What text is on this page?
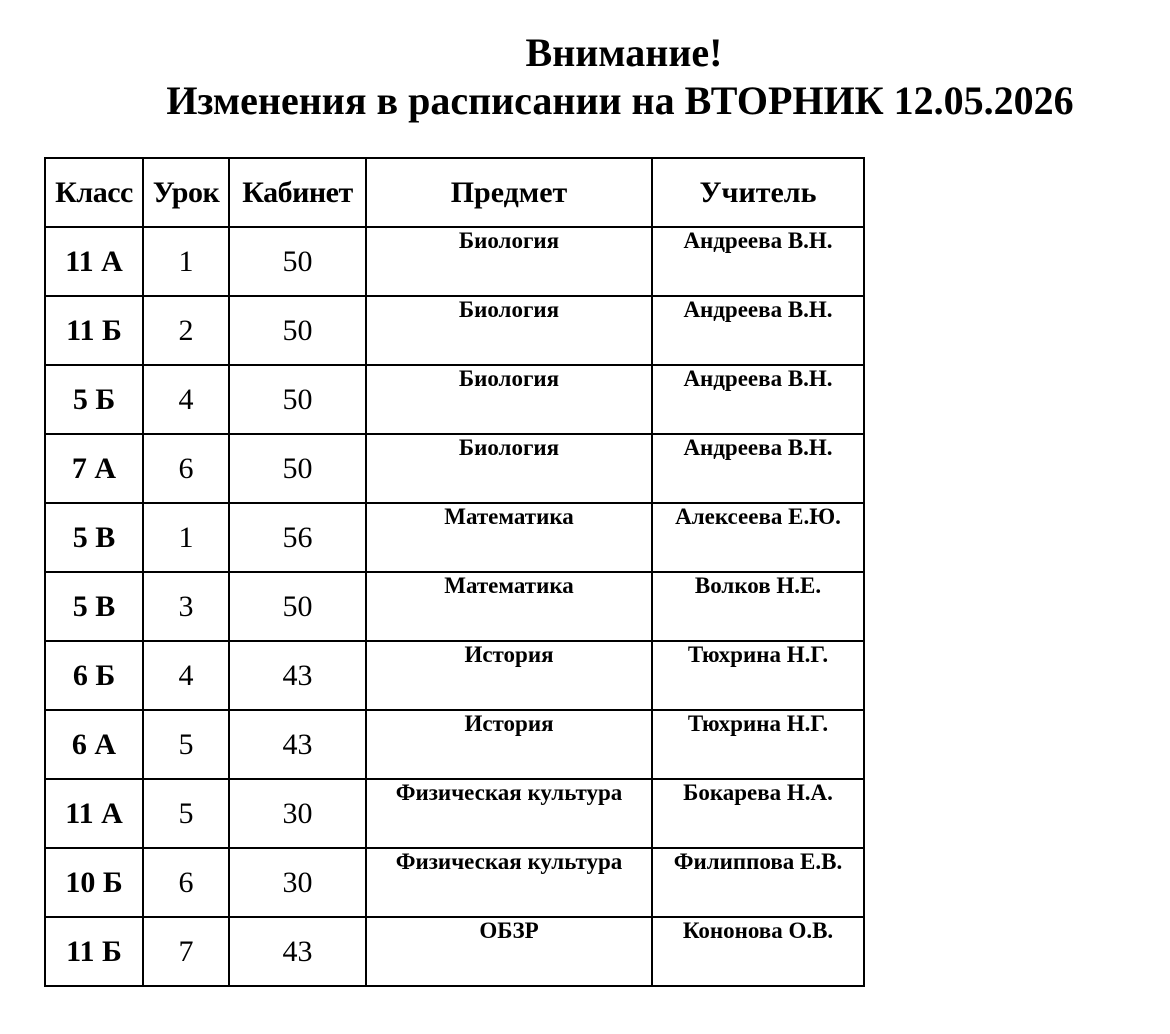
Внимание!
Изменения в расписании на ВТОРНИК 12.05.2026
Класс	Урок	Кабинет	Предмет	Учитель
11 А	1	50	Биология	Андреева В.Н.
11 Б	2	50	Биология	Андреева В.Н.
5 Б	4	50	Биология	Андреева В.Н.
7 А	6	50	Биология	Андреева В.Н.
5 В	1	56	Математика	Алексеева Е.Ю.
5 В	3	50	Математика	Волков Н.Е.
6 Б	4	43	История	Тюхрина Н.Г.
6 А	5	43	История	Тюхрина Н.Г.
11 А	5	30	Физическая культура	Бокарева Н.А.
10 Б	6	30	Физическая культура	Филиппова Е.В.
11 Б	7	43	ОБЗР	Кононова О.В.
